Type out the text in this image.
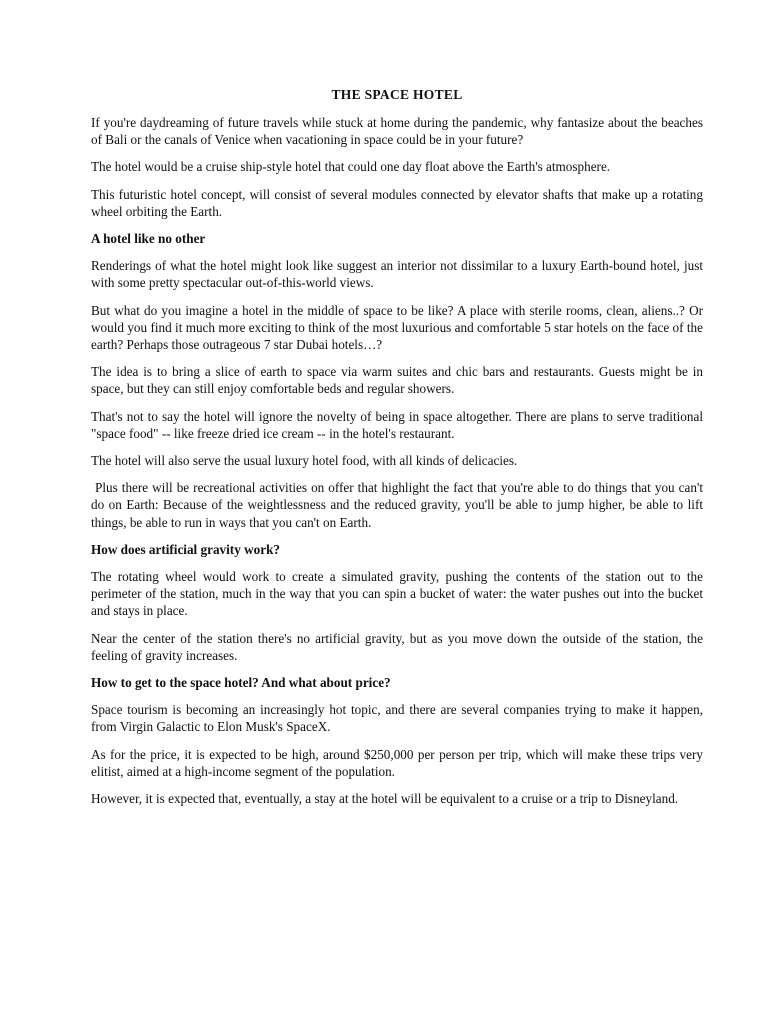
THE SPACE HOTEL

If you're daydreaming of future travels while stuck at home during the pandemic, why fantasize about the beaches of Bali or the canals of Venice when vacationing in space could be in your future?

The hotel would be a cruise ship-style hotel that could one day float above the Earth's atmosphere.

This futuristic hotel concept, will consist of several modules connected by elevator shafts that make up a rotating wheel orbiting the Earth.

A hotel like no other

Renderings of what the hotel might look like suggest an interior not dissimilar to a luxury Earth-bound hotel, just with some pretty spectacular out-of-this-world views.

But what do you imagine a hotel in the middle of space to be like? A place with sterile rooms, clean, aliens..? Or would you find it much more exciting to think of the most luxurious and comfortable 5 star hotels on the face of the earth? Perhaps those outrageous 7 star Dubai hotels…?

The idea is to bring a slice of earth to space via warm suites and chic bars and restaurants. Guests might be in space, but they can still enjoy comfortable beds and regular showers.

That's not to say the hotel will ignore the novelty of being in space altogether. There are plans to serve traditional "space food" -- like freeze dried ice cream -- in the hotel's restaurant.

The hotel will also serve the usual luxury hotel food, with all kinds of delicacies.

Plus there will be recreational activities on offer that highlight the fact that you're able to do things that you can't do on Earth: Because of the weightlessness and the reduced gravity, you'll be able to jump higher, be able to lift things, be able to run in ways that you can't on Earth.

How does artificial gravity work?

The rotating wheel would work to create a simulated gravity, pushing the contents of the station out to the perimeter of the station, much in the way that you can spin a bucket of water: the water pushes out into the bucket and stays in place.

Near the center of the station there's no artificial gravity, but as you move down the outside of the station, the feeling of gravity increases.

How to get to the space hotel? And what about price?

Space tourism is becoming an increasingly hot topic, and there are several companies trying to make it happen, from Virgin Galactic to Elon Musk's SpaceX.

As for the price, it is expected to be high, around $250,000 per person per trip, which will make these trips very elitist, aimed at a high-income segment of the population.

However, it is expected that, eventually, a stay at the hotel will be equivalent to a cruise or a trip to Disneyland.
